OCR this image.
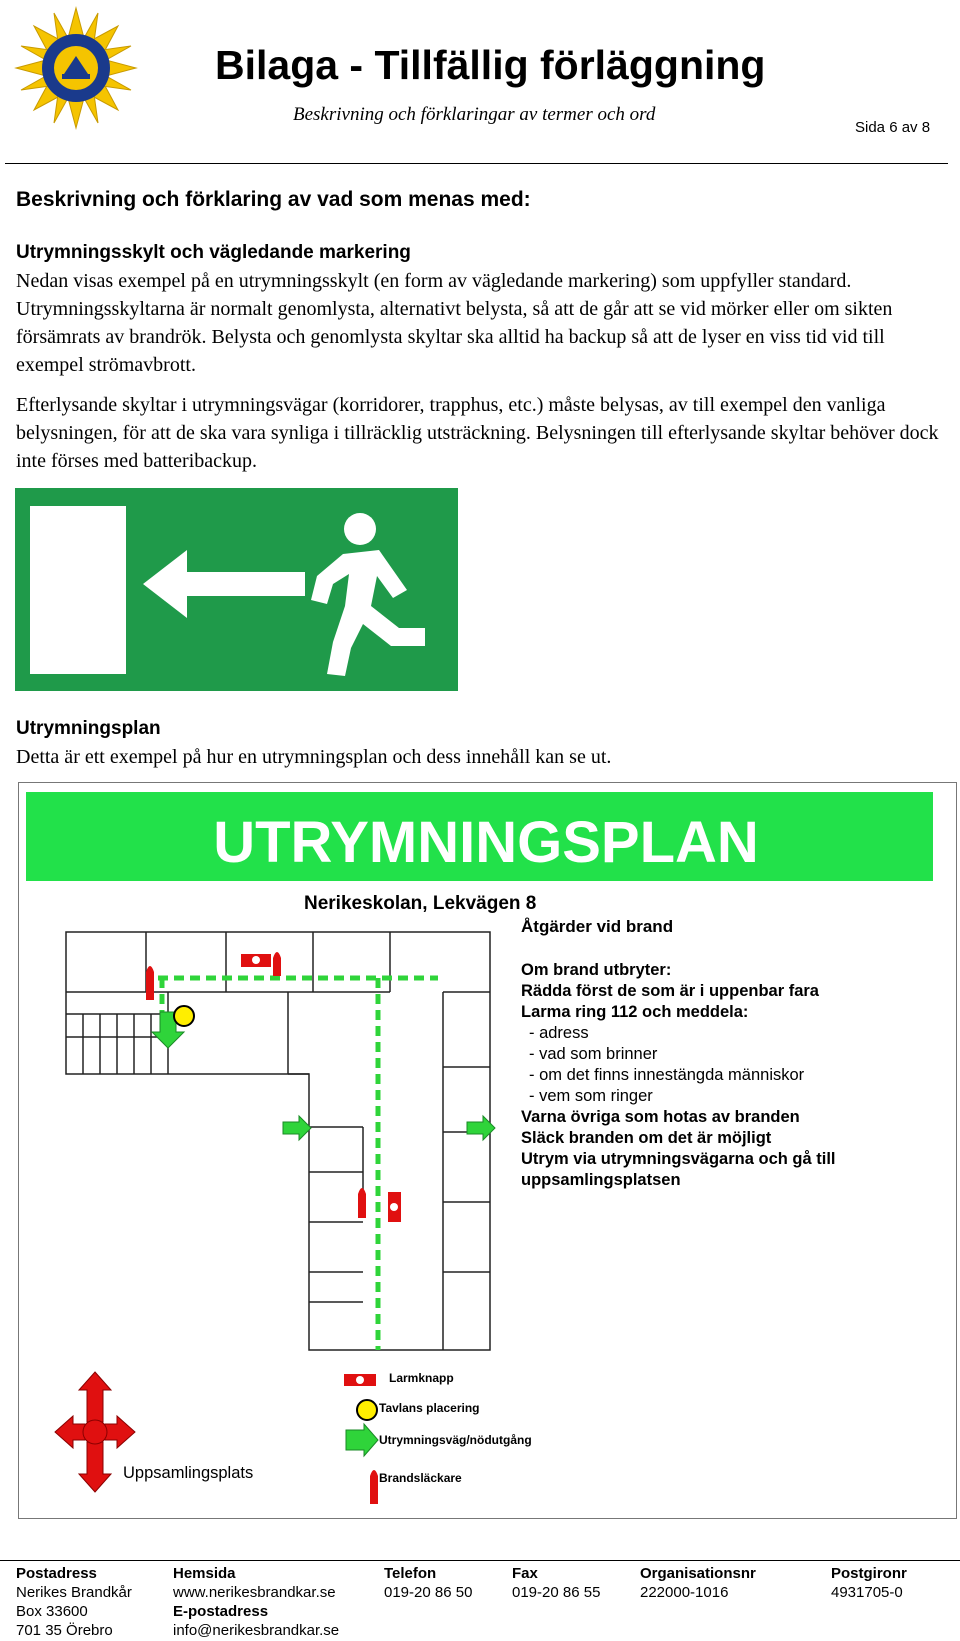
Bilaga - Tillfällig förläggning
Beskrivning och förklaringar av termer och ord
Sida 6 av 8
Beskrivning och förklaring av vad som menas med:
Utrymningsskylt och vägledande markering
Nedan visas exempel på en utrymningsskylt (en form av vägledande markering) som uppfyller standard. Utrymningsskyltarna är normalt genomlysta, alternativt belysta, så att de går att se vid mörker eller om sikten försämrats av brandrök. Belysta och genomlysta skyltar ska alltid ha backup så att de lyser en viss tid vid till exempel strömavbrott.
Efterlysande skyltar i utrymningsvägar (korridorer, trapphus, etc.) måste belysas, av till exempel den vanliga belysningen, för att de ska vara synliga i tillräcklig utsträckning. Belysningen till efterlysande skyltar behöver dock inte förses med batteribackup.
Utrymningsplan
Detta är ett exempel på hur en utrymningsplan och dess innehåll kan se ut.
UTRYMNINGSPLAN
Nerikeskolan, Lekvägen 8
Åtgärder vid brand
Om brand utbryter:
Rädda först de som är i uppenbar fara
Larma ring 112 och meddela:
- adress
- vad som brinner
- om det finns innestängda människor
- vem som ringer
Varna övriga som hotas av branden
Släck branden om det är möjligt
Utrym via utrymningsvägarna och gå till
uppsamlingsplatsen
Uppsamlingsplats
Larmknapp
Tavlans placering
Utrymningsväg/nödutgång
Brandsläckare
Postadress
Nerikes Brandkår
Box 33600
701 35 Örebro
Hemsida
www.nerikesbrandkar.se
E-postadress
info@nerikesbrandkar.se
Telefon
019-20 86 50
Fax
019-20 86 55
Organisationsnr
222000-1016
Postgironr
4931705-0
